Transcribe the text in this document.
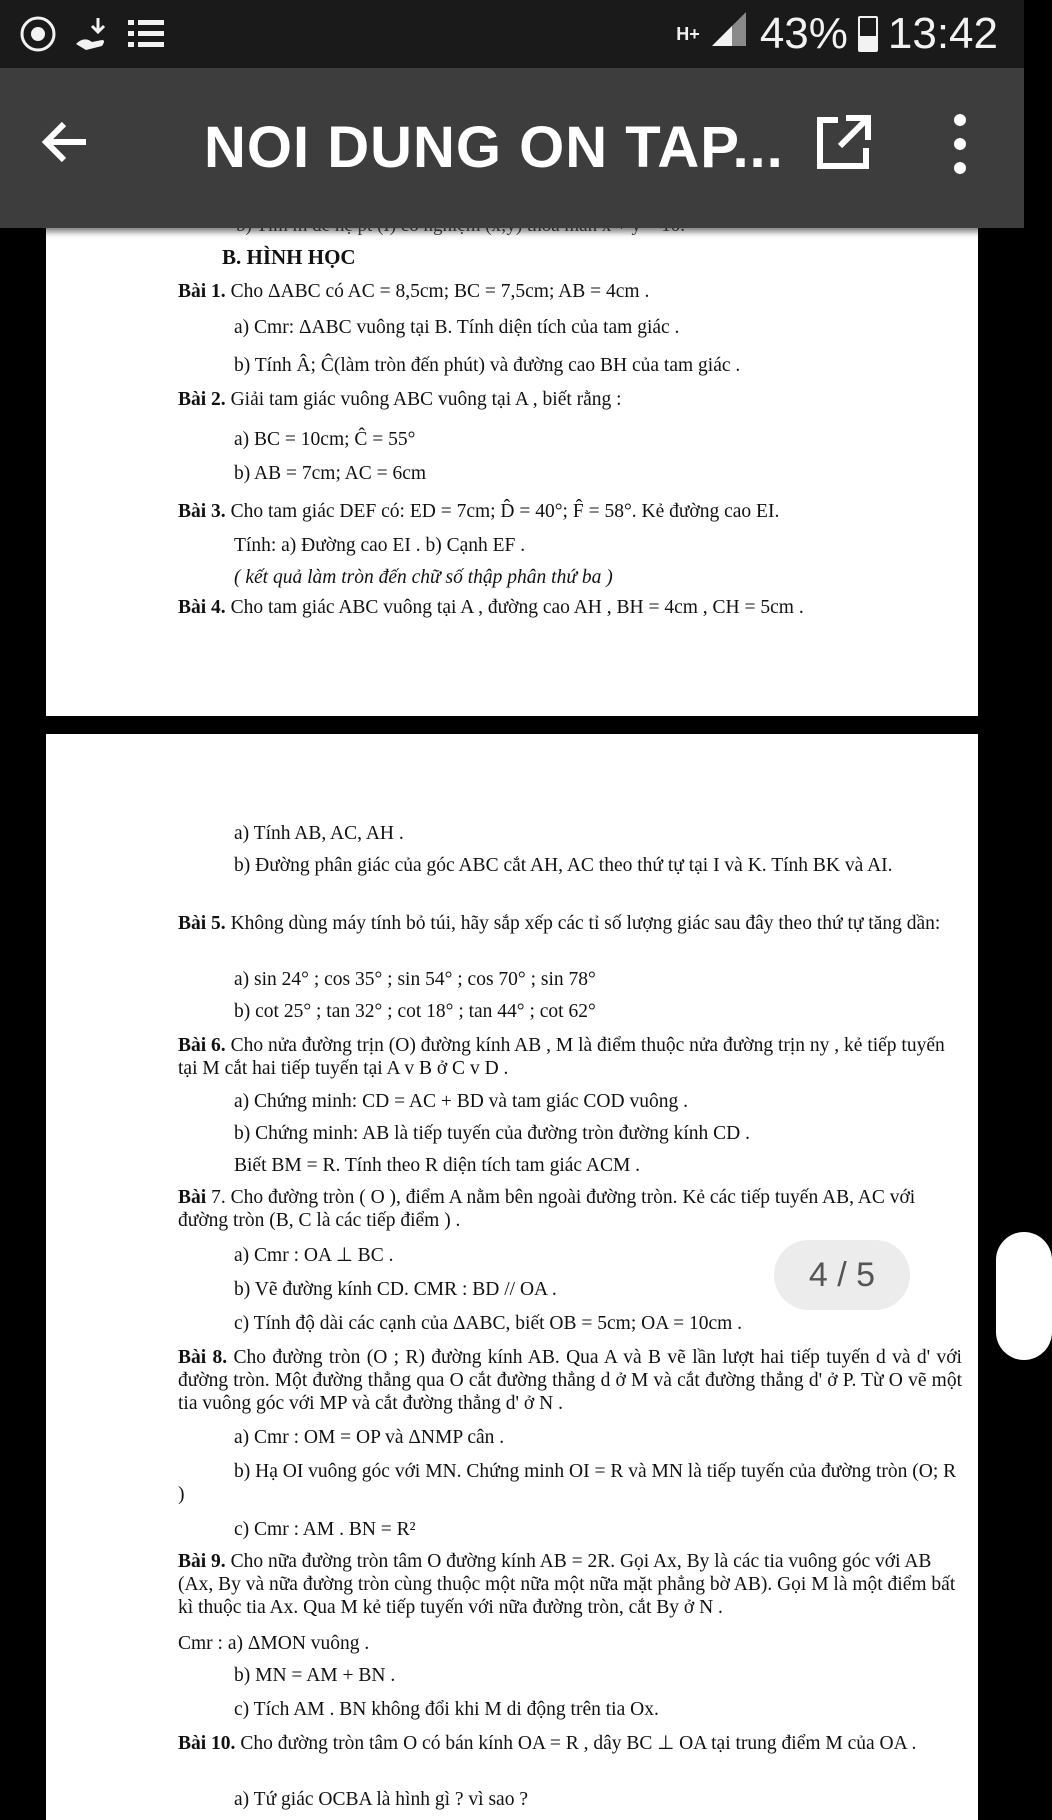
H+ 43% 13:42
NOI DUNG ON TAP...
B. HÌNH HỌC
Bài 1. Cho ΔABC có AC = 8,5cm; BC = 7,5cm; AB = 4cm .
a) Cmr: ΔABC vuông tại B. Tính diện tích của tam giác .
b) Tính Â; Ĉ(làm tròn đến phút) và đường cao BH của tam giác .
Bài 2. Giải tam giác vuông ABC vuông tại A , biết rằng :
a) BC = 10cm; Ĉ = 55°
b) AB = 7cm; AC = 6cm
Bài 3. Cho tam giác DEF có: ED = 7cm; D̂ = 40°; F̂ = 58°. Kẻ đường cao EI.
Tính: a) Đường cao EI . b) Cạnh EF .
( kết quả làm tròn đến chữ số thập phân thứ ba )
Bài 4. Cho tam giác ABC vuông tại A , đường cao AH , BH = 4cm , CH = 5cm .
a) Tính AB, AC, AH .
b) Đường phân giác của góc ABC cắt AH, AC theo thứ tự tại I và K. Tính BK và AI.
Bài 5. Không dùng máy tính bỏ túi, hãy sắp xếp các tỉ số lượng giác sau đây theo thứ tự tăng dần:
a) sin 24° ; cos 35° ; sin 54° ; cos 70° ; sin 78°
b) cot 25° ; tan 32° ; cot 18° ; tan 44° ; cot 62°
Bài 6. Cho nửa đường trịn (O) đường kính AB , M là điểm thuộc nửa đường trịn ny , kẻ tiếp tuyến tại M cắt hai tiếp tuyến tại A v B ở C v D .
a) Chứng minh: CD = AC + BD và tam giác COD vuông .
b) Chứng minh: AB là tiếp tuyến của đường tròn đường kính CD .
Biết BM = R. Tính theo R diện tích tam giác ACM .
Bài 7. Cho đường tròn ( O ), điểm A nằm bên ngoài đường tròn. Kẻ các tiếp tuyến AB, AC với đường tròn (B, C là các tiếp điểm ) .
a) Cmr : OA ⊥ BC .
b) Vẽ đường kính CD. CMR : BD // OA .
c) Tính độ dài các cạnh của ΔABC, biết OB = 5cm; OA = 10cm .
Bài 8. Cho đường tròn (O ; R) đường kính AB. Qua A và B vẽ lần lượt hai tiếp tuyến d và d' với đường tròn. Một đường thẳng qua O cắt đường thẳng d ở M và cắt đường thẳng d' ở P. Từ O vẽ một tia vuông góc với MP và cắt đường thẳng d' ở N .
a) Cmr : OM = OP và ΔNMP cân .
b) Hạ OI vuông góc với MN. Chứng minh OI = R và MN là tiếp tuyến của đường tròn (O; R )
c) Cmr : AM . BN = R²
Bài 9. Cho nữa đường tròn tâm O đường kính AB = 2R. Gọi Ax, By là các tia vuông góc với AB (Ax, By và nữa đường tròn cùng thuộc một nữa một nữa mặt phẳng bờ AB). Gọi M là một điểm bất kì thuộc tia Ax. Qua M kẻ tiếp tuyến với nữa đường tròn, cắt By ở N .
Cmr : a) ΔMON vuông .
b) MN = AM + BN .
c) Tích AM . BN không đổi khi M di động trên tia Ox.
Bài 10. Cho đường tròn tâm O có bán kính OA = R , dây BC ⊥ OA tại trung điểm M của OA .
a) Tứ giác OCBA là hình gì ? vì sao ?
4 / 5
